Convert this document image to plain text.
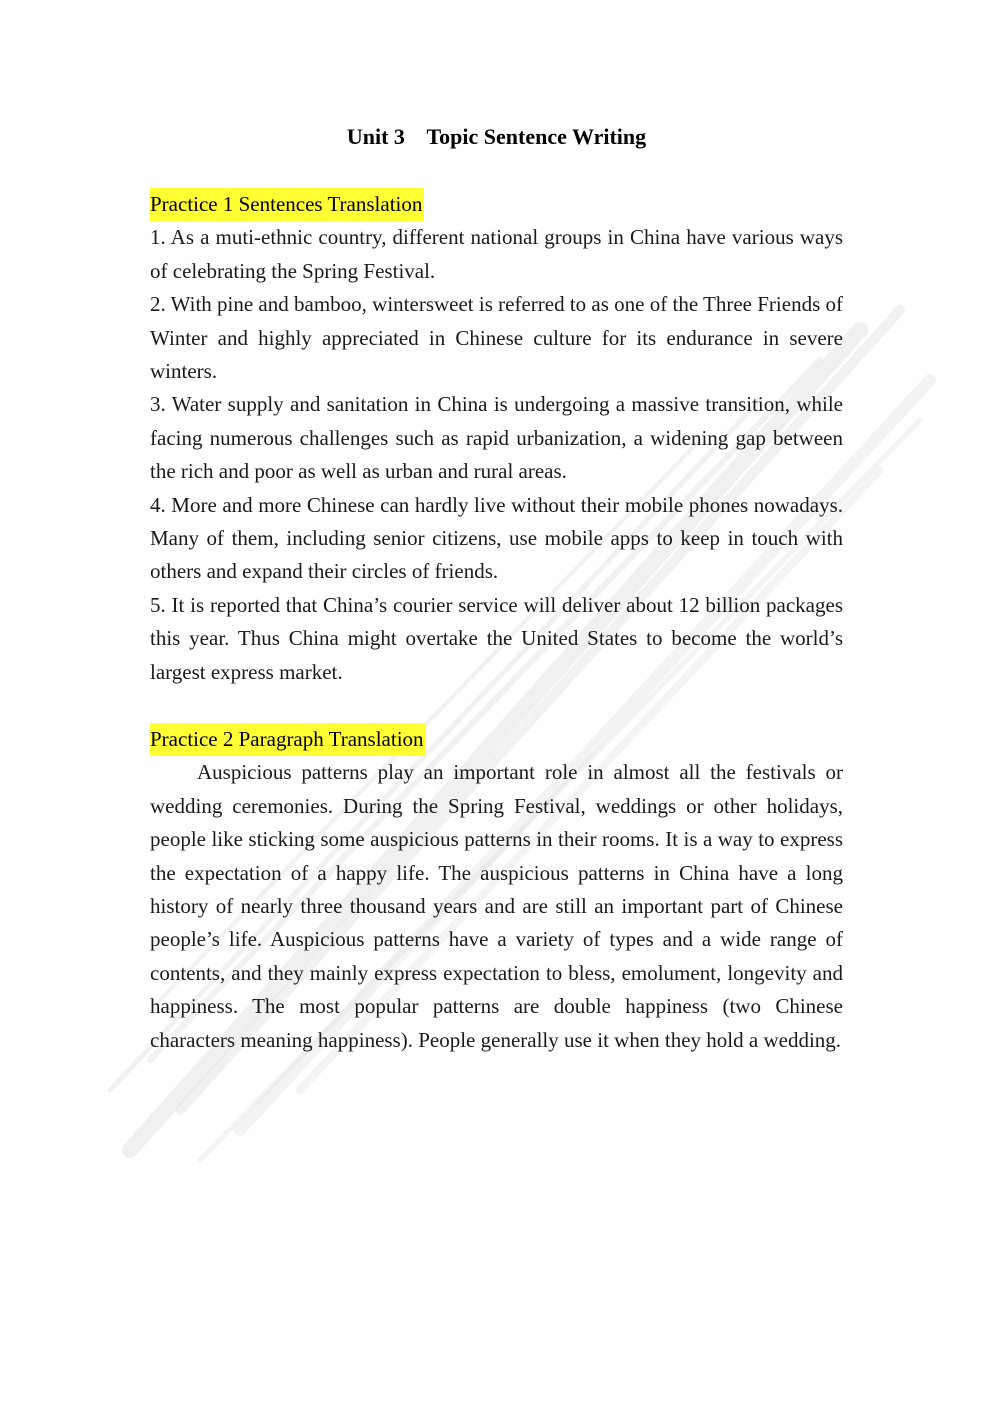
Unit 3    Topic Sentence Writing
Practice 1 Sentences Translation

1. As a muti-ethnic country, different national groups in China have various ways of celebrating the Spring Festival.

2. With pine and bamboo, wintersweet is referred to as one of the Three Friends of Winter and highly appreciated in Chinese culture for its endurance in severe winters.

3. Water supply and sanitation in China is undergoing a massive transition, while facing numerous challenges such as rapid urbanization, a widening gap between the rich and poor as well as urban and rural areas.

4. More and more Chinese can hardly live without their mobile phones nowadays. Many of them, including senior citizens, use mobile apps to keep in touch with others and expand their circles of friends.

5. It is reported that China’s courier service will deliver about 12 billion packages this year. Thus China might overtake the United States to become the world’s largest express market.

Practice 2 Paragraph Translation

Auspicious patterns play an important role in almost all the festivals or wedding ceremonies. During the Spring Festival, weddings or other holidays, people like sticking some auspicious patterns in their rooms. It is a way to express the expectation of a happy life. The auspicious patterns in China have a long history of nearly three thousand years and are still an important part of Chinese people’s life. Auspicious patterns have a variety of types and a wide range of contents, and they mainly express expectation to bless, emolument, longevity and happiness. The most popular patterns are double happiness (two Chinese characters meaning happiness). People generally use it when they hold a wedding.
